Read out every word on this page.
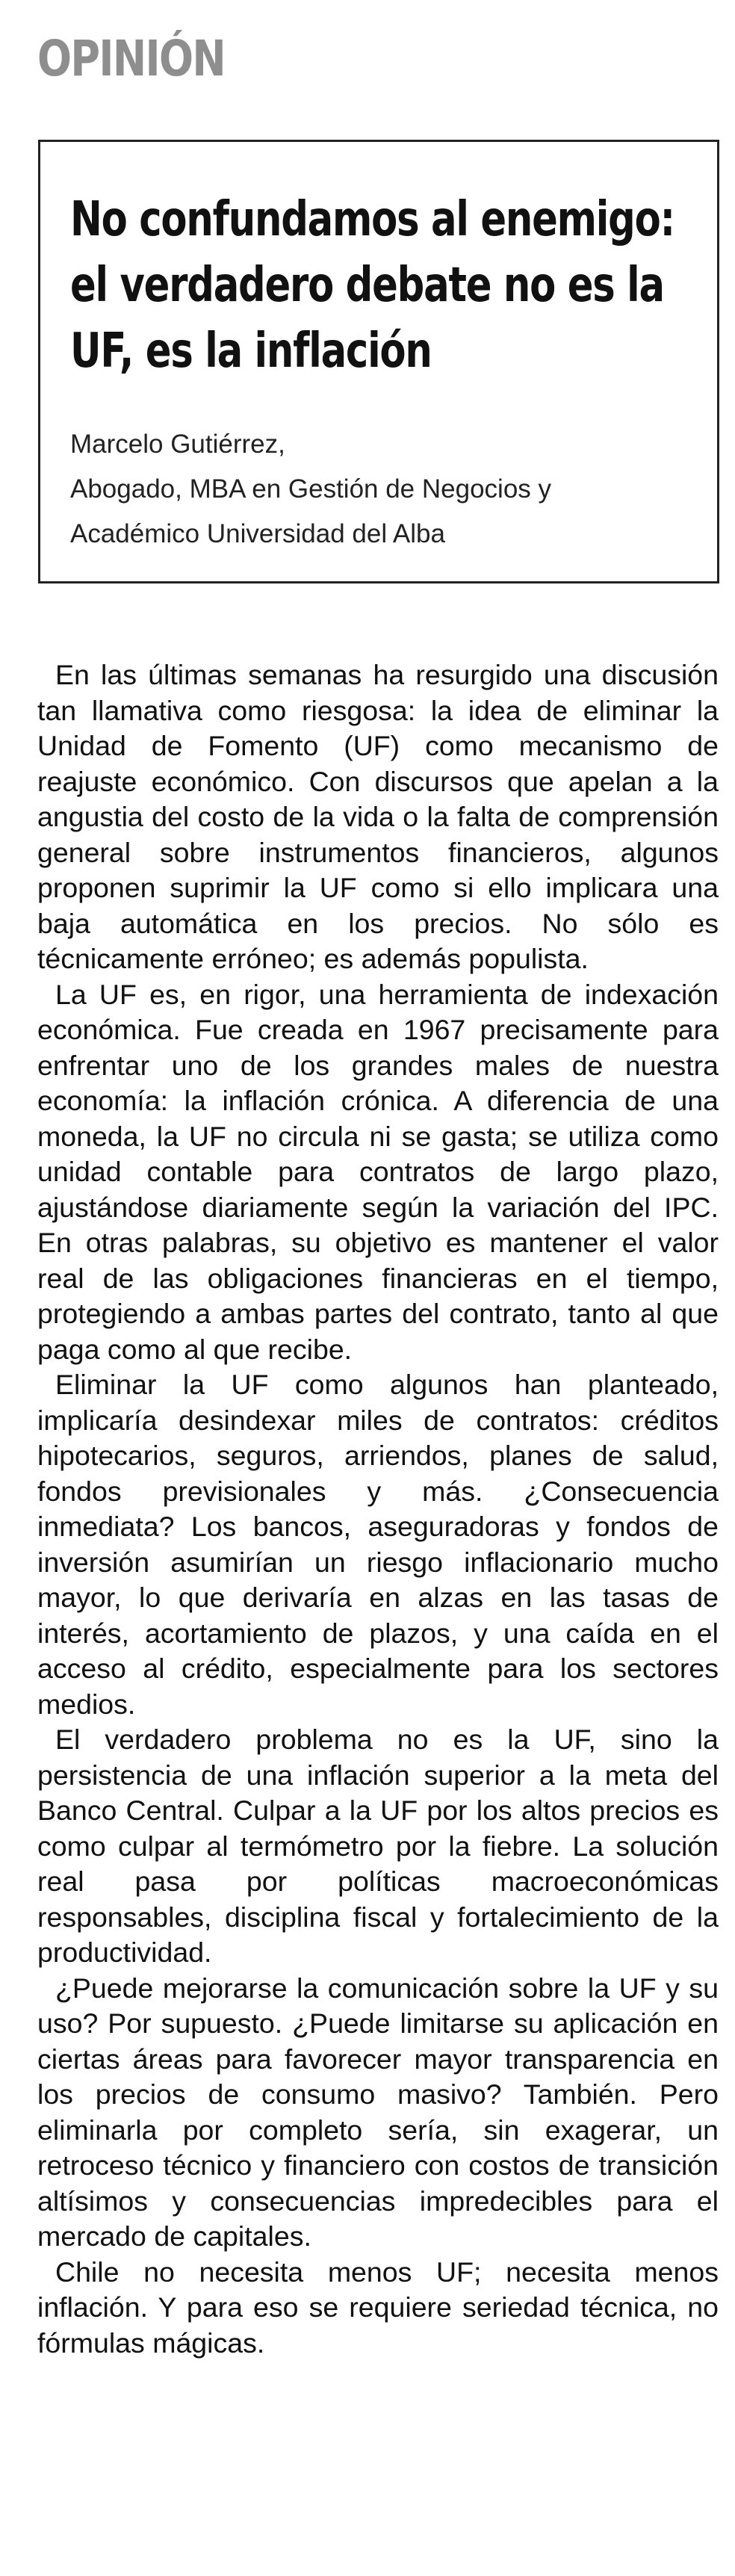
OPINIÓN
No confundamos al enemigo: el verdadero debate no es la UF, es la inflación
Marcelo Gutiérrez,
Abogado, MBA en Gestión de Negocios y
Académico Universidad del Alba

En las últimas semanas ha resurgido una discusión tan llamativa como riesgosa: la idea de eliminar la Unidad de Fomento (UF) como mecanismo de reajuste económico. Con discursos que apelan a la angustia del costo de la vida o la falta de comprensión general sobre instrumentos financieros, algunos proponen suprimir la UF como si ello implicara una baja automática en los precios. No sólo es técnicamente erróneo; es además populista.

La UF es, en rigor, una herramienta de indexación económica. Fue creada en 1967 precisamente para enfrentar uno de los grandes males de nuestra economía: la inflación crónica. A diferencia de una moneda, la UF no circula ni se gasta; se utiliza como unidad contable para contratos de largo plazo, ajustándose diariamente según la variación del IPC. En otras palabras, su objetivo es mantener el valor real de las obligaciones financieras en el tiempo, protegiendo a ambas partes del contrato, tanto al que paga como al que recibe.

Eliminar la UF como algunos han planteado, implicaría desindexar miles de contratos: créditos hipotecarios, seguros, arriendos, planes de salud, fondos previsionales y más. ¿Consecuencia inmediata? Los bancos, aseguradoras y fondos de inversión asumirían un riesgo inflacionario mucho mayor, lo que derivaría en alzas en las tasas de interés, acortamiento de plazos, y una caída en el acceso al crédito, especialmente para los sectores medios.

El verdadero problema no es la UF, sino la persistencia de una inflación superior a la meta del Banco Central. Culpar a la UF por los altos precios es como culpar al termómetro por la fiebre. La solución real pasa por políticas macroeconómicas responsables, disciplina fiscal y fortalecimiento de la productividad.

¿Puede mejorarse la comunicación sobre la UF y su uso? Por supuesto. ¿Puede limitarse su aplicación en ciertas áreas para favorecer mayor transparencia en los precios de consumo masivo? También. Pero eliminarla por completo sería, sin exagerar, un retroceso técnico y financiero con costos de transición altísimos y consecuencias impredecibles para el mercado de capitales.

Chile no necesita menos UF; necesita menos inflación. Y para eso se requiere seriedad técnica, no fórmulas mágicas.
